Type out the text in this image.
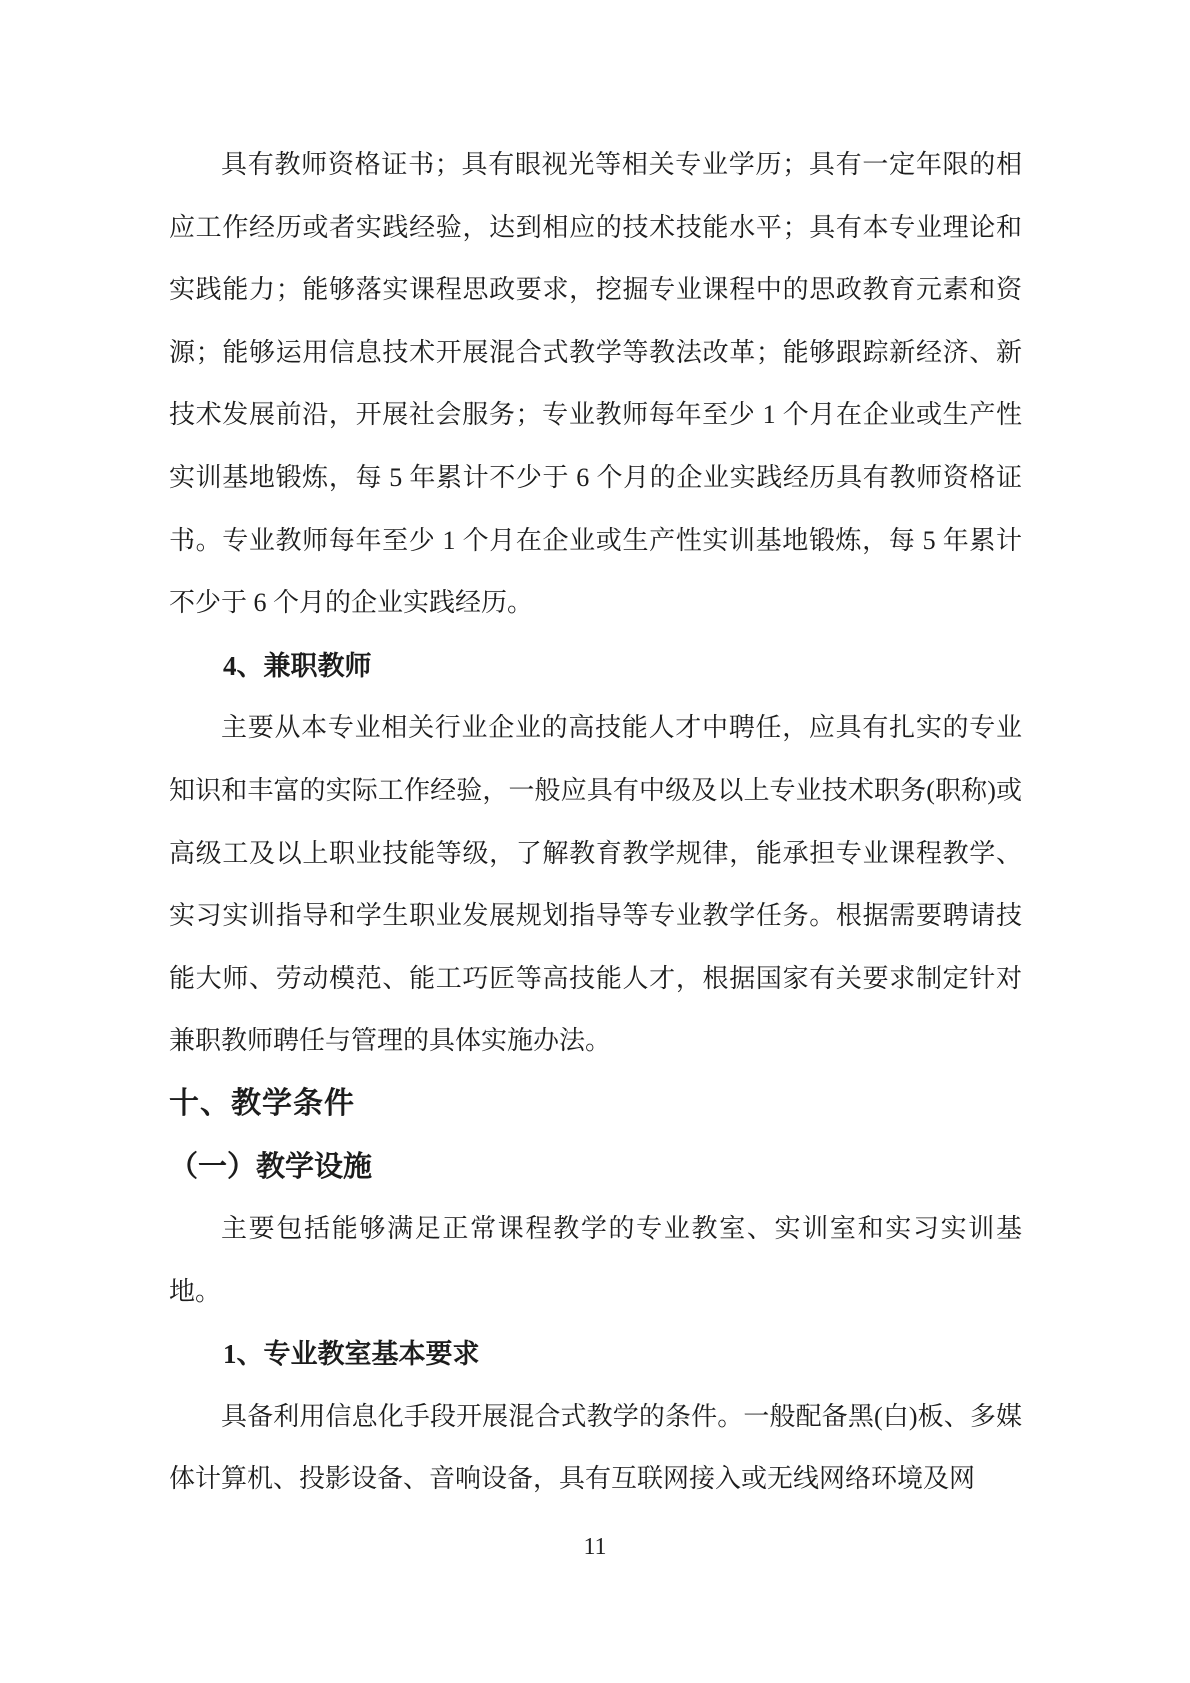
具有教师资格证书；具有眼视光等相关专业学历；具有一定年限的相应工作经历或者实践经验，达到相应的技术技能水平；具有本专业理论和实践能力；能够落实课程思政要求，挖掘专业课程中的思政教育元素和资源；能够运用信息技术开展混合式教学等教法改革；能够跟踪新经济、新技术发展前沿，开展社会服务；专业教师每年至少 1 个月在企业或生产性实训基地锻炼，每 5 年累计不少于 6 个月的企业实践经历具有教师资格证书。专业教师每年至少 1 个月在企业或生产性实训基地锻炼，每 5 年累计不少于 6 个月的企业实践经历。

4、兼职教师

主要从本专业相关行业企业的高技能人才中聘任，应具有扎实的专业知识和丰富的实际工作经验，一般应具有中级及以上专业技术职务(职称)或高级工及以上职业技能等级，了解教育教学规律，能承担专业课程教学、实习实训指导和学生职业发展规划指导等专业教学任务。根据需要聘请技能大师、劳动模范、能工巧匠等高技能人才，根据国家有关要求制定针对兼职教师聘任与管理的具体实施办法。

十、教学条件
（一）教学设施

主要包括能够满足正常课程教学的专业教室、实训室和实习实训基地。

1、专业教室基本要求

具备利用信息化手段开展混合式教学的条件。一般配备黑(白)板、多媒体计算机、投影设备、音响设备，具有互联网接入或无线网络环境及网

11
